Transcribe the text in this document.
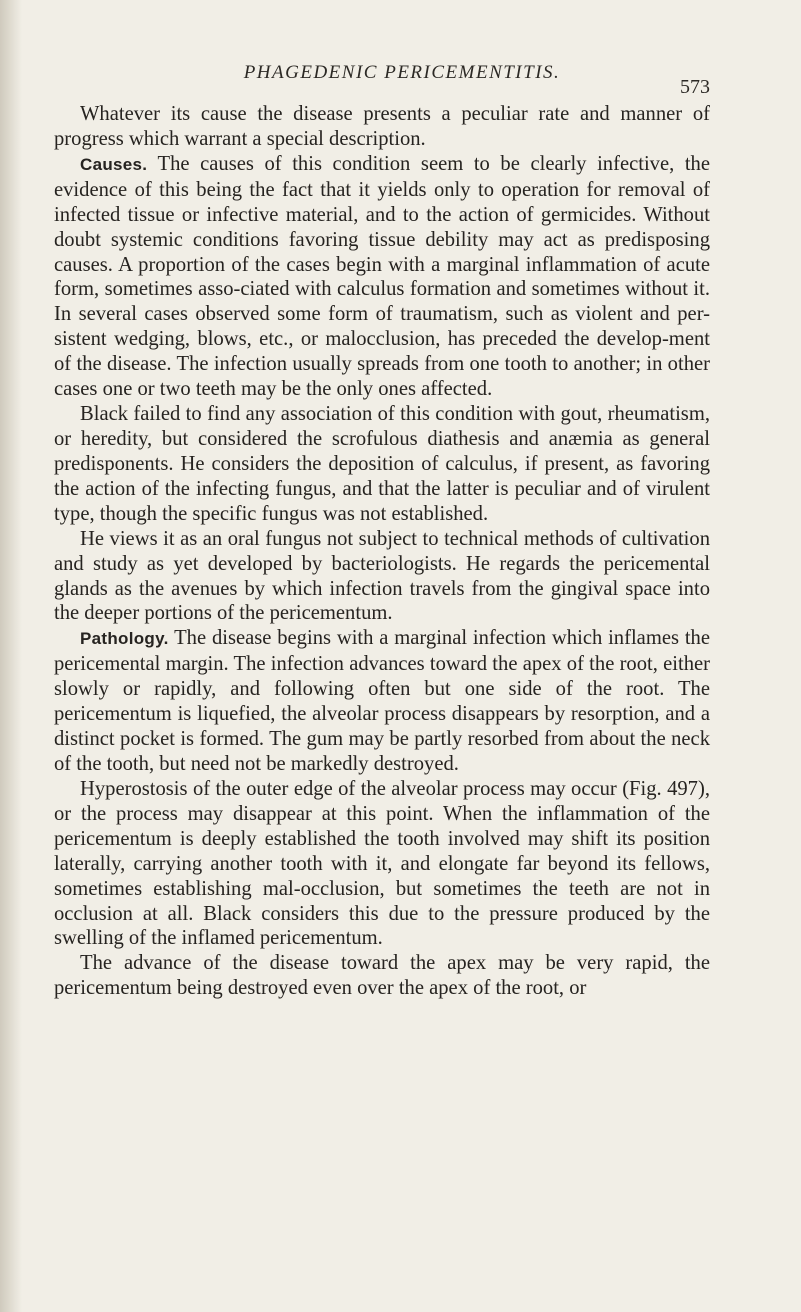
PHAGEDENIC PERICEMENTITIS.
573

Whatever its cause the disease presents a peculiar rate and manner of progress which warrant a special description.

Causes. The causes of this condition seem to be clearly infective, the evidence of this being the fact that it yields only to operation for removal of infected tissue or infective material, and to the action of germicides. Without doubt systemic conditions favoring tissue debility may act as predisposing causes. A proportion of the cases begin with a marginal inflammation of acute form, sometimes asso-ciated with calculus formation and sometimes without it. In several cases observed some form of traumatism, such as violent and per-sistent wedging, blows, etc., or malocclusion, has preceded the develop-ment of the disease. The infection usually spreads from one tooth to another; in other cases one or two teeth may be the only ones affected.

Black failed to find any association of this condition with gout, rheumatism, or heredity, but considered the scrofulous diathesis and anæmia as general predisponents. He considers the deposition of calculus, if present, as favoring the action of the infecting fungus, and that the latter is peculiar and of virulent type, though the specific fungus was not established.

He views it as an oral fungus not subject to technical methods of cultivation and study as yet developed by bacteriologists. He regards the pericemental glands as the avenues by which infection travels from the gingival space into the deeper portions of the pericementum.

Pathology. The disease begins with a marginal infection which inflames the pericemental margin. The infection advances toward the apex of the root, either slowly or rapidly, and following often but one side of the root. The pericementum is liquefied, the alveolar process disappears by resorption, and a distinct pocket is formed. The gum may be partly resorbed from about the neck of the tooth, but need not be markedly destroyed.

Hyperostosis of the outer edge of the alveolar process may occur (Fig. 497), or the process may disappear at this point. When the inflammation of the pericementum is deeply established the tooth involved may shift its position laterally, carrying another tooth with it, and elongate far beyond its fellows, sometimes establishing mal-occlusion, but sometimes the teeth are not in occlusion at all. Black considers this due to the pressure produced by the swelling of the inflamed pericementum.

The advance of the disease toward the apex may be very rapid, the pericementum being destroyed even over the apex of the root, or
